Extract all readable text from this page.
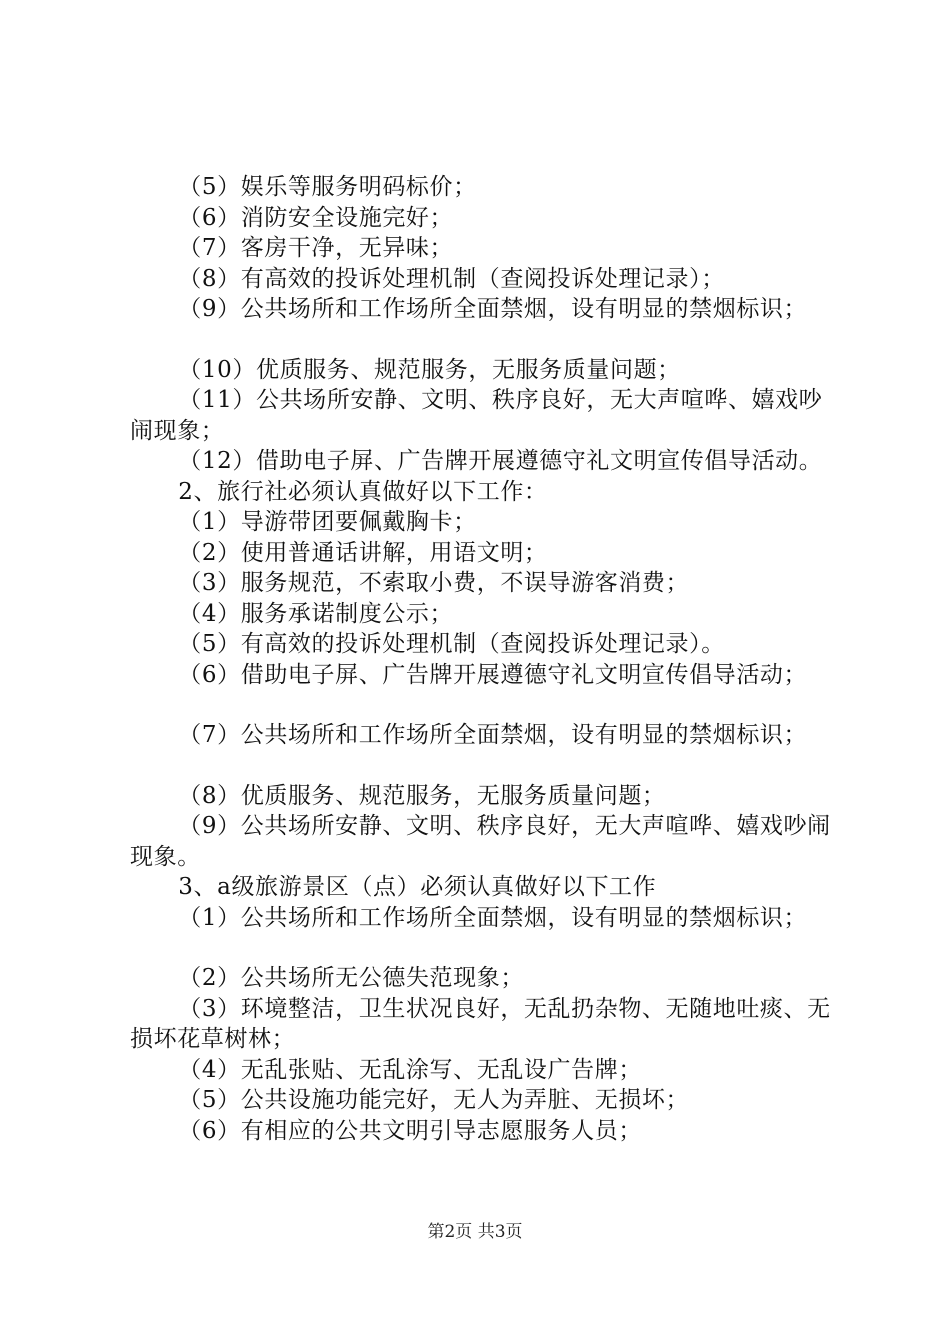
（5）娱乐等服务明码标价；

（6）消防安全设施完好；

（7）客房干净，无异味；

（8）有高效的投诉处理机制（查阅投诉处理记录）；

（9）公共场所和工作场所全面禁烟，设有明显的禁烟标识；

（10）优质服务、规范服务，无服务质量问题；

（11）公共场所安静、文明、秩序良好，无大声喧哗、嬉戏吵闹现象；

（12）借助电子屏、广告牌开展遵德守礼文明宣传倡导活动。

2、旅行社必须认真做好以下工作：

（1）导游带团要佩戴胸卡；

（2）使用普通话讲解，用语文明；

（3）服务规范，不索取小费，不误导游客消费；

（4）服务承诺制度公示；

（5）有高效的投诉处理机制（查阅投诉处理记录）。

（6）借助电子屏、广告牌开展遵德守礼文明宣传倡导活动；

（7）公共场所和工作场所全面禁烟，设有明显的禁烟标识；

（8）优质服务、规范服务，无服务质量问题；

（9）公共场所安静、文明、秩序良好，无大声喧哗、嬉戏吵闹现象。

3、a级旅游景区（点）必须认真做好以下工作

（1）公共场所和工作场所全面禁烟，设有明显的禁烟标识；

（2）公共场所无公德失范现象；

（3）环境整洁，卫生状况良好，无乱扔杂物、无随地吐痰、无损坏花草树林；

（4）无乱张贴、无乱涂写、无乱设广告牌；

（5）公共设施功能完好，无人为弄脏、无损坏；

（6）有相应的公共文明引导志愿服务人员；

第2页 共3页
